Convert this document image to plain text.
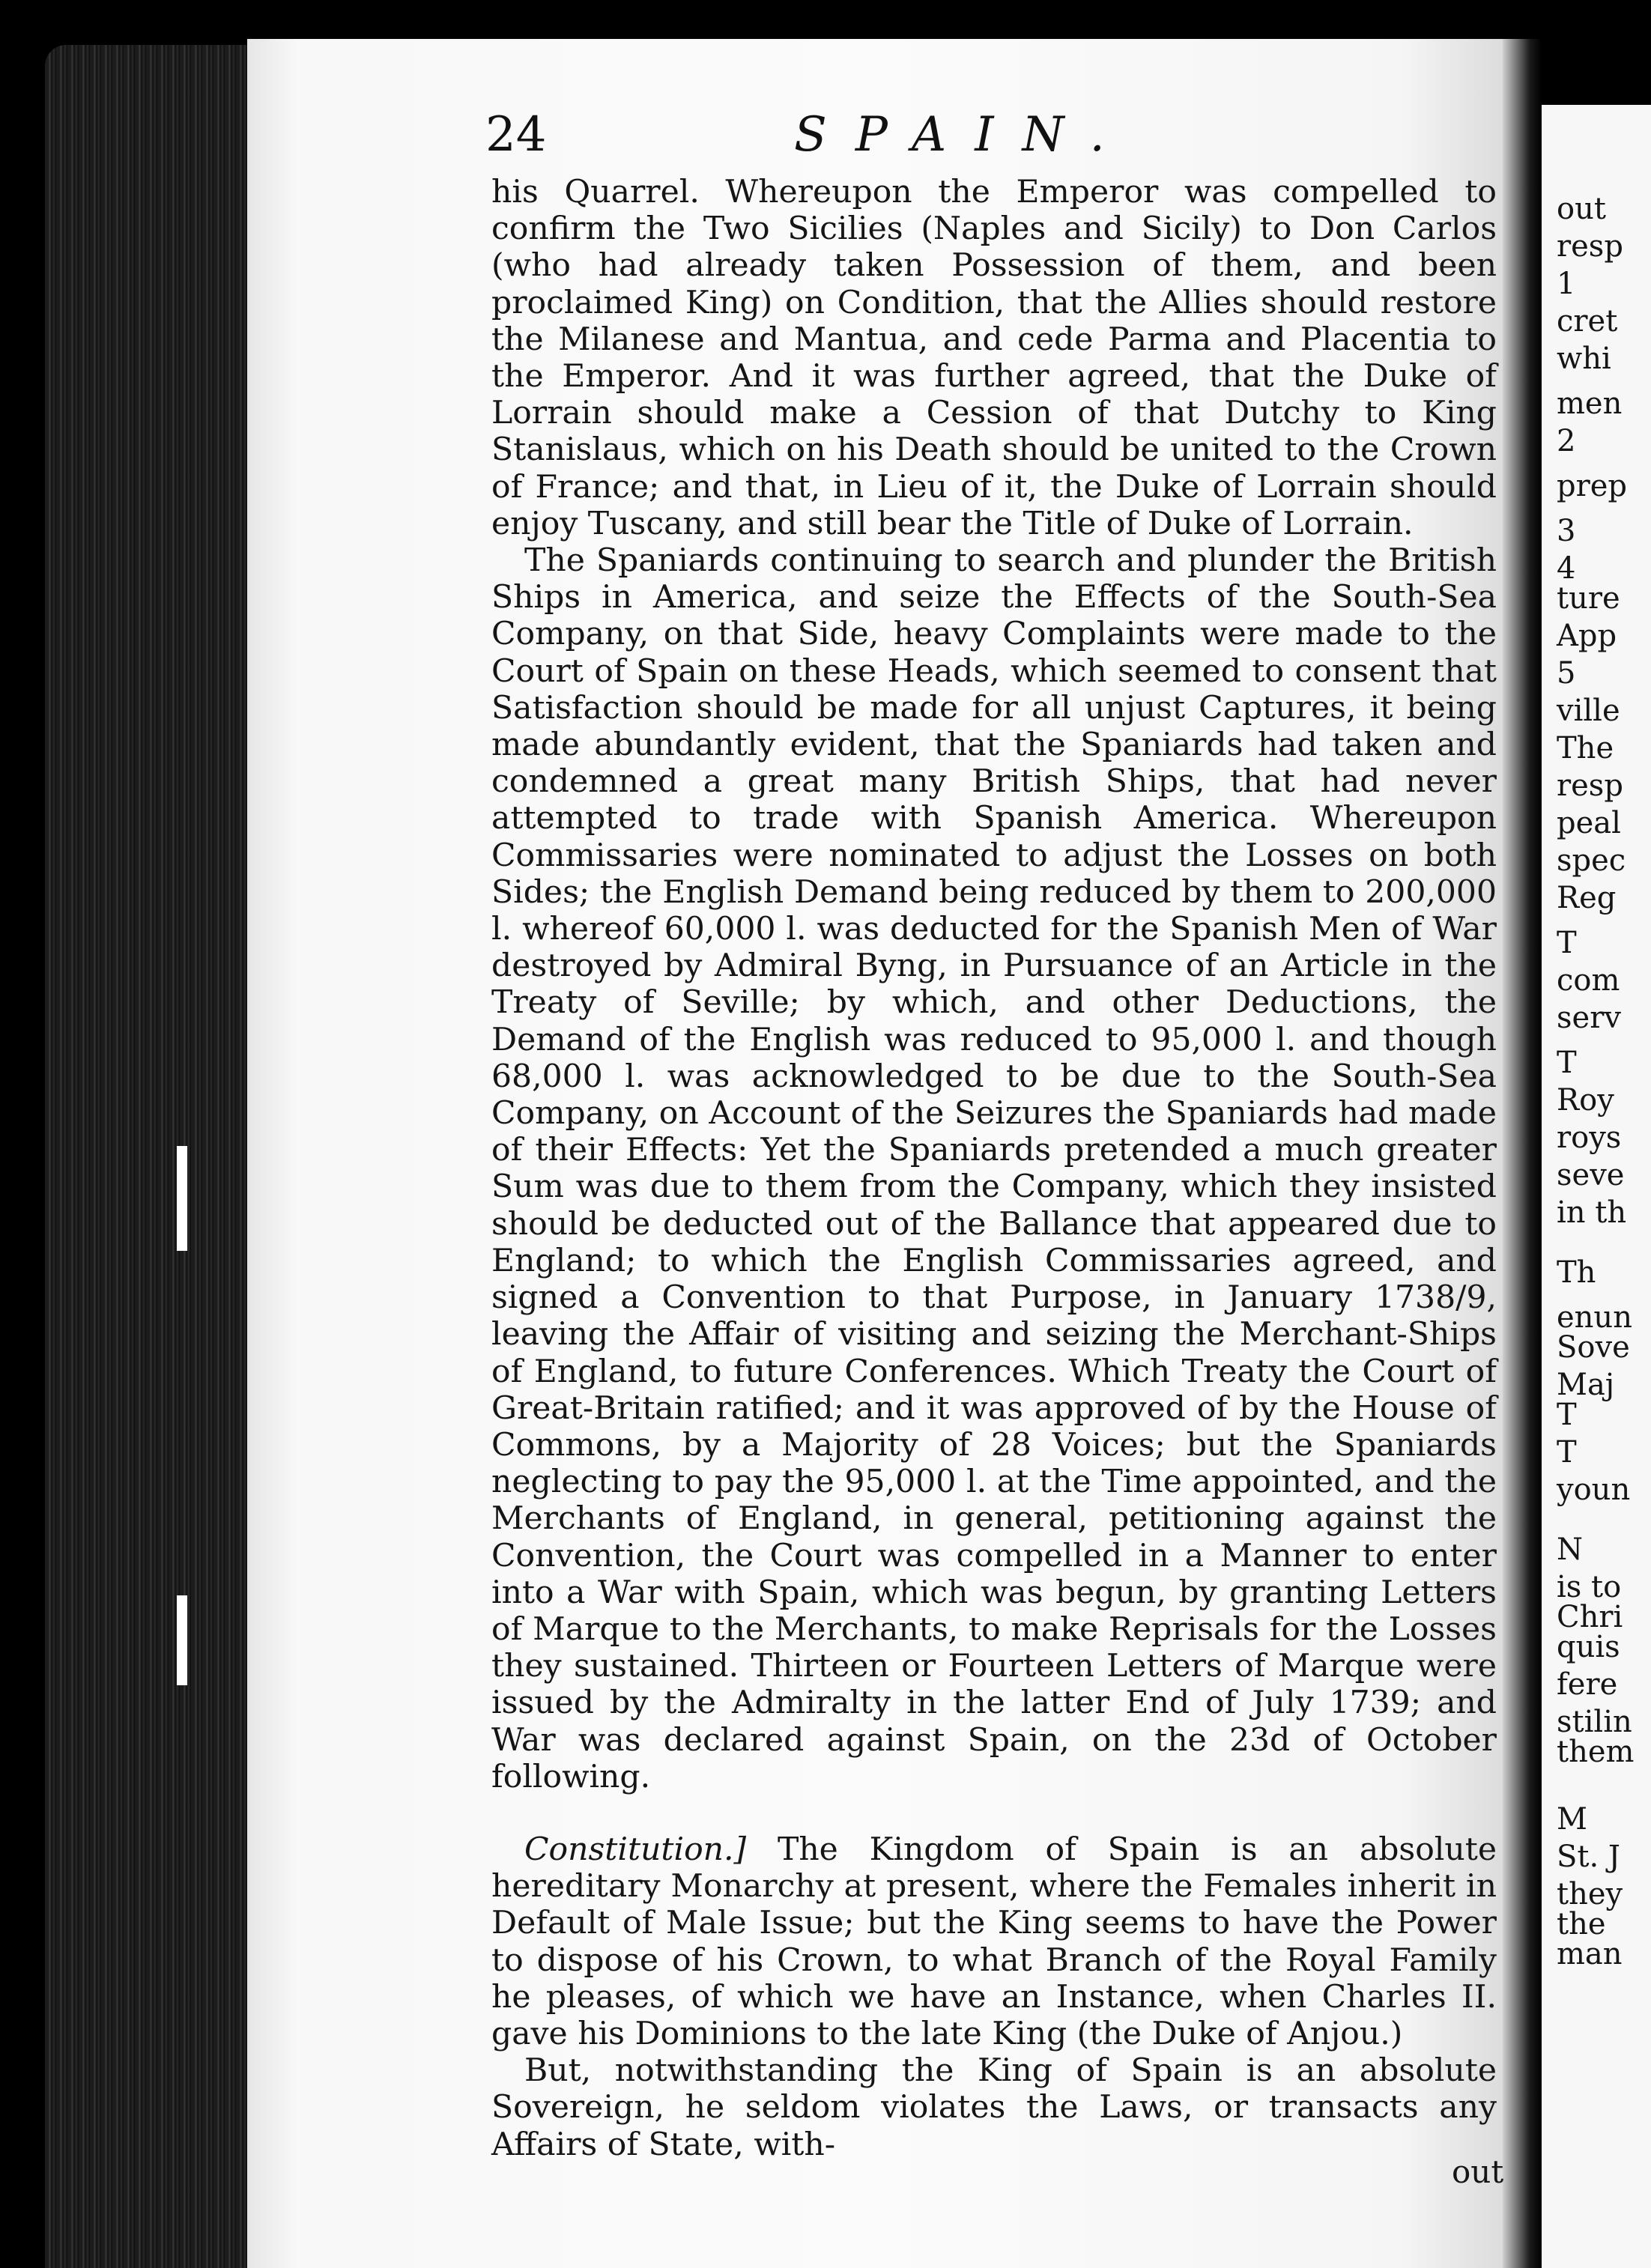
24	SPAIN.

his Quarrel. Whereupon the Emperor was compelled to confirm the Two Sicilies (Naples and Sicily) to Don Carlos (who had already taken Possession of them, and been proclaimed King) on Condition, that the Allies should restore the Milanese and Mantua, and cede Parma and Placentia to the Emperor. And it was further agreed, that the Duke of Lorrain should make a Cession of that Dutchy to King Stanislaus, which on his Death should be united to the Crown of France; and that, in Lieu of it, the Duke of Lorrain should enjoy Tuscany, and still bear the Title of Duke of Lorrain.

The Spaniards continuing to search and plunder the British Ships in America, and seize the Effects of the South-Sea Company, on that Side, heavy Complaints were made to the Court of Spain on these Heads, which seemed to consent that Satisfaction should be made for all unjust Captures, it being made abundantly evident, that the Spaniards had taken and condemned a great many British Ships, that had never attempted to trade with Spanish America. Whereupon Commissaries were nominated to adjust the Losses on both Sides; the English Demand being reduced by them to 200,000 l. whereof 60,000 l. was deducted for the Spanish Men of War destroyed by Admiral Byng, in Pursuance of an Article in the Treaty of Seville; by which, and other Deductions, the Demand of the English was reduced to 95,000 l. and though 68,000 l. was acknowledged to be due to the South-Sea Company, on Account of the Seizures the Spaniards had made of their Effects: Yet the Spaniards pretended a much greater Sum was due to them from the Company, which they insisted should be deducted out of the Ballance that appeared due to England; to which the English Commissaries agreed, and signed a Convention to that Purpose, in January 1738/9, leaving the Affair of visiting and seizing the Merchant-Ships of England, to future Conferences. Which Treaty the Court of Great-Britain ratified; and it was approved of by the House of Commons, by a Majority of 28 Voices; but the Spaniards neglecting to pay the 95,000 l. at the Time appointed, and the Merchants of England, in general, petitioning against the Convention, the Court was compelled in a Manner to enter into a War with Spain, which was begun, by granting Letters of Marque to the Merchants, to make Reprisals for the Losses they sustained. Thirteen or Fourteen Letters of Marque were issued by the Admiralty in the latter End of July 1739; and War was declared against Spain, on the 23d of October following.

Constitution.] The Kingdom of Spain is an absolute hereditary Monarchy at present, where the Females inherit in Default of Male Issue; but the King seems to have the Power to dispose of his Crown, to what Branch of the Royal Family he pleases, of which we have an Instance, when Charles II. gave his Dominions to the late King (the Duke of Anjou.)

But, notwithstanding the King of Spain is an absolute Sovereign, he seldom violates the Laws, or transacts any Affairs of State, with-

out
out
resp
1
cret
whi
men
2
prep
3
4
ture
App
5
ville
The
resp
peal
spec
Reg
T
com
serv
T
Roy
roys
seve
in th
Th
enun
Sove
Maj
T
T
youn
N
is to
Chri
quis
fere
stilin
them
M
St. J
they
the
man
